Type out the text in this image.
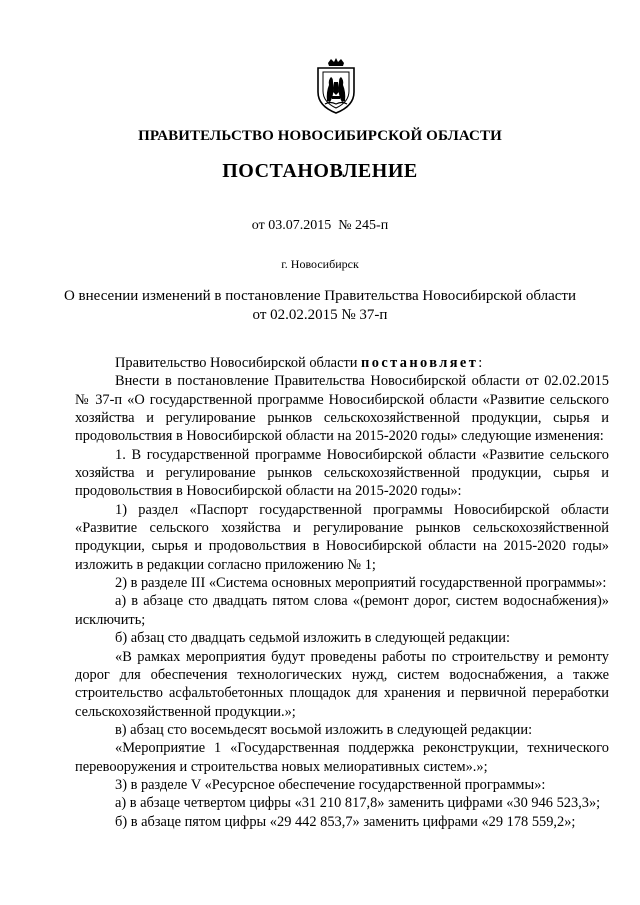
ПРАВИТЕЛЬСТВО НОВОСИБИРСКОЙ ОБЛАСТИ
ПОСТАНОВЛЕНИЕ
от 03.07.2015  № 245-п
г. Новосибирск
О внесении изменений в постановление Правительства Новосибирской области
от 02.02.2015 № 37-п

Правительство Новосибирской области постановляет:

Внести в постановление Правительства Новосибирской области от 02.02.2015 № 37-п «О государственной программе Новосибирской области «Развитие сельского хозяйства и регулирование рынков сельскохозяйственной продукции, сырья и продовольствия в Новосибирской области на 2015-2020 годы» следующие изменения:

1. В государственной программе Новосибирской области «Развитие сельского хозяйства и регулирование рынков сельскохозяйственной продукции, сырья и продовольствия в Новосибирской области на 2015-2020 годы»:

1) раздел «Паспорт государственной программы Новосибирской области «Развитие сельского хозяйства и регулирование рынков сельскохозяйственной продукции, сырья и продовольствия в Новосибирской области на 2015-2020 годы» изложить в редакции согласно приложению № 1;

2) в разделе III «Система основных мероприятий государственной программы»:

а) в абзаце сто двадцать пятом слова «(ремонт дорог, систем водоснабжения)» исключить;

б) абзац сто двадцать седьмой изложить в следующей редакции:

«В рамках мероприятия будут проведены работы по строительству и ремонту дорог для обеспечения технологических нужд, систем водоснабжения, а также строительство асфальтобетонных площадок для хранения и первичной переработки сельскохозяйственной продукции.»;

в) абзац сто восемьдесят восьмой изложить в следующей редакции:

«Мероприятие 1 «Государственная поддержка реконструкции, технического перевооружения и строительства новых мелиоративных систем».»;

3) в разделе V «Ресурсное обеспечение государственной программы»:

а) в абзаце четвертом цифры «31 210 817,8» заменить цифрами «30 946 523,3»;

б) в абзаце пятом цифры «29 442 853,7» заменить цифрами «29 178 559,2»;
